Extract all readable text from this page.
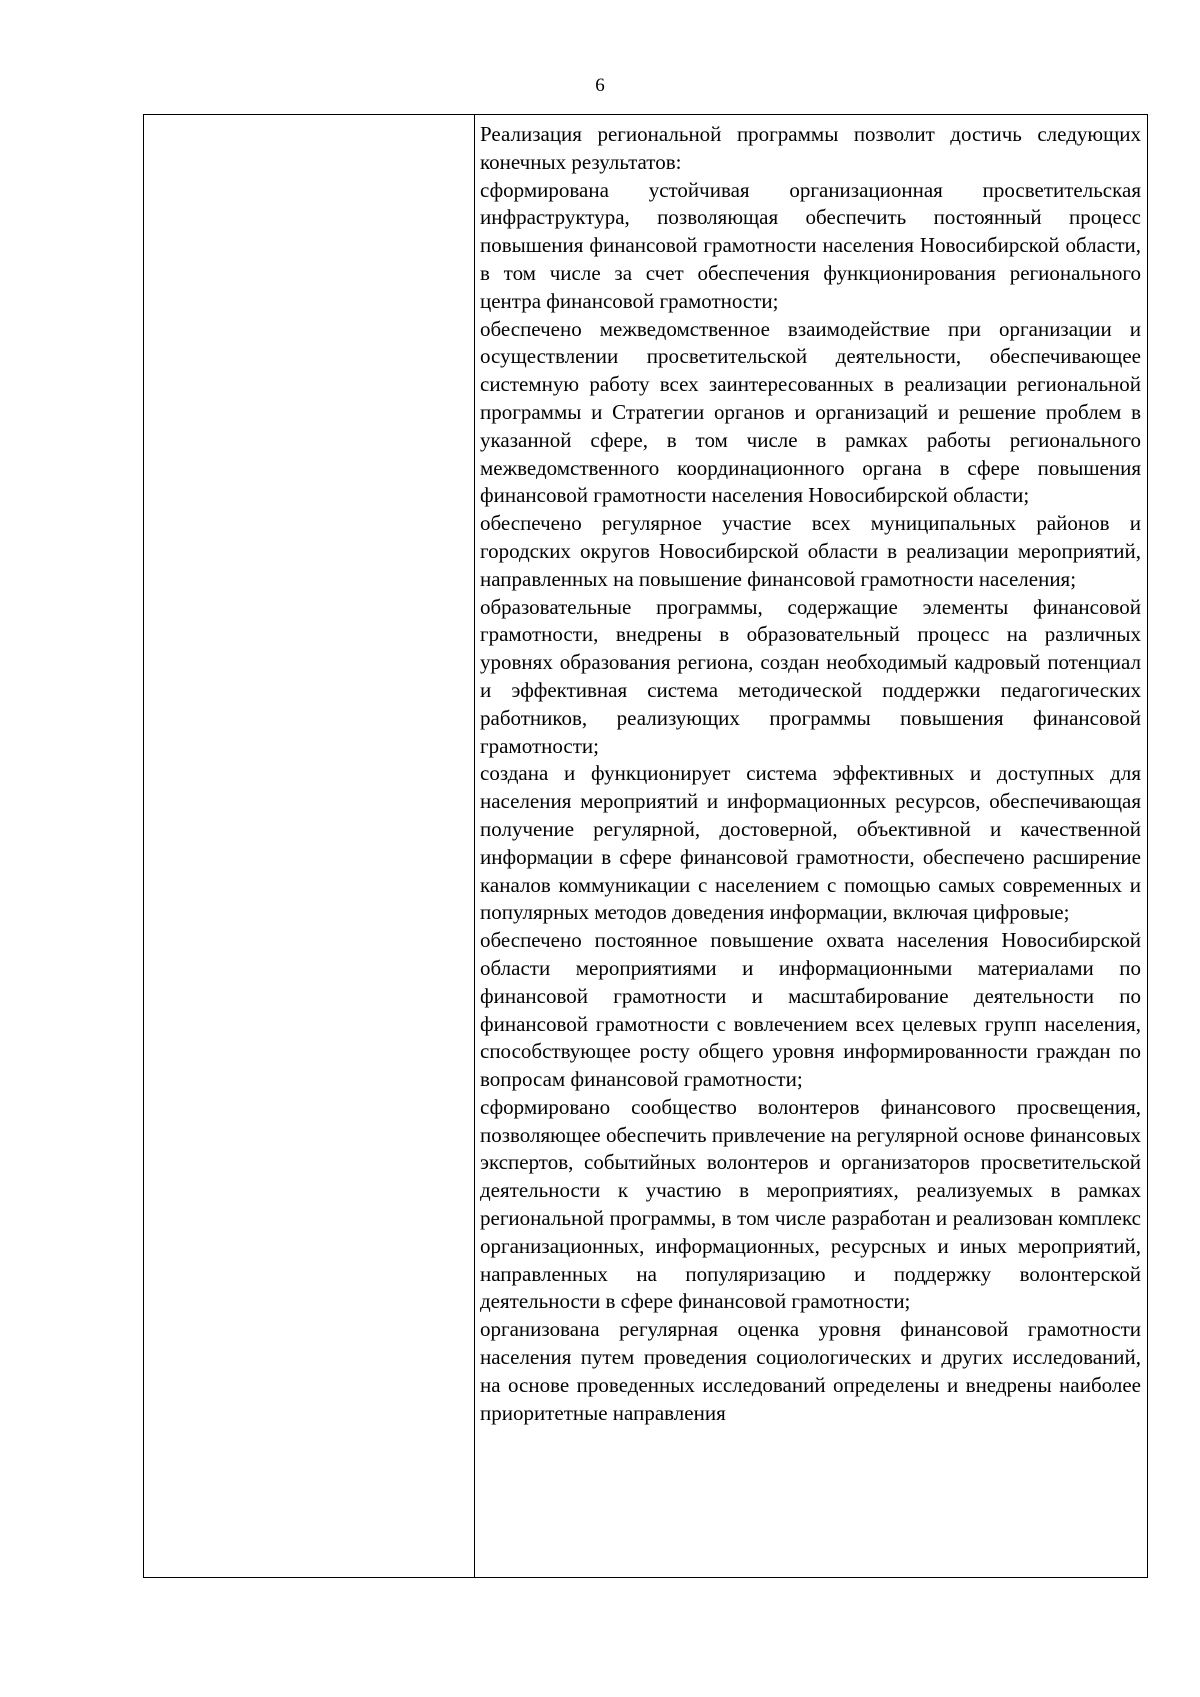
6

Реализация региональной программы позволит достичь следующих конечных результатов:

сформирована устойчивая организационная просветительская инфраструктура, позволяющая обеспечить постоянный процесс повышения финансовой грамотности населения Новосибирской области, в том числе за счет обеспечения функционирования регионального центра финансовой грамотности;

обеспечено межведомственное взаимодействие при организации и осуществлении просветительской деятельности, обеспечивающее системную работу всех заинтересованных в реализации региональной программы и Стратегии органов и организаций и решение проблем в указанной сфере, в том числе в рамках работы регионального межведомственного координационного органа в сфере повышения финансовой грамотности населения Новосибирской области;

обеспечено регулярное участие всех муниципальных районов и городских округов Новосибирской области в реализации мероприятий, направленных на повышение финансовой грамотности населения;

образовательные программы, содержащие элементы финансовой грамотности, внедрены в образовательный процесс на различных уровнях образования региона, создан необходимый кадровый потенциал и эффективная система методической поддержки педагогических работников, реализующих программы повышения финансовой грамотности;

создана и функционирует система эффективных и доступных для населения мероприятий и информационных ресурсов, обеспечивающая получение регулярной, достоверной, объективной и качественной информации в сфере финансовой грамотности, обеспечено расширение каналов коммуникации с населением с помощью самых современных и популярных методов доведения информации, включая цифровые;

обеспечено постоянное повышение охвата населения Новосибирской области мероприятиями и информационными материалами по финансовой грамотности и масштабирование деятельности по финансовой грамотности с вовлечением всех целевых групп населения, способствующее росту общего уровня информированности граждан по вопросам финансовой грамотности;

сформировано сообщество волонтеров финансового просвещения, позволяющее обеспечить привлечение на регулярной основе финансовых экспертов, событийных волонтеров и организаторов просветительской деятельности к участию в мероприятиях, реализуемых в рамках региональной программы, в том числе разработан и реализован комплекс организационных, информационных, ресурсных и иных мероприятий, направленных на популяризацию и поддержку волонтерской деятельности в сфере финансовой грамотности;

организована регулярная оценка уровня финансовой грамотности населения путем проведения социологических и других исследований, на основе проведенных исследований определены и внедрены наиболее приоритетные направления
